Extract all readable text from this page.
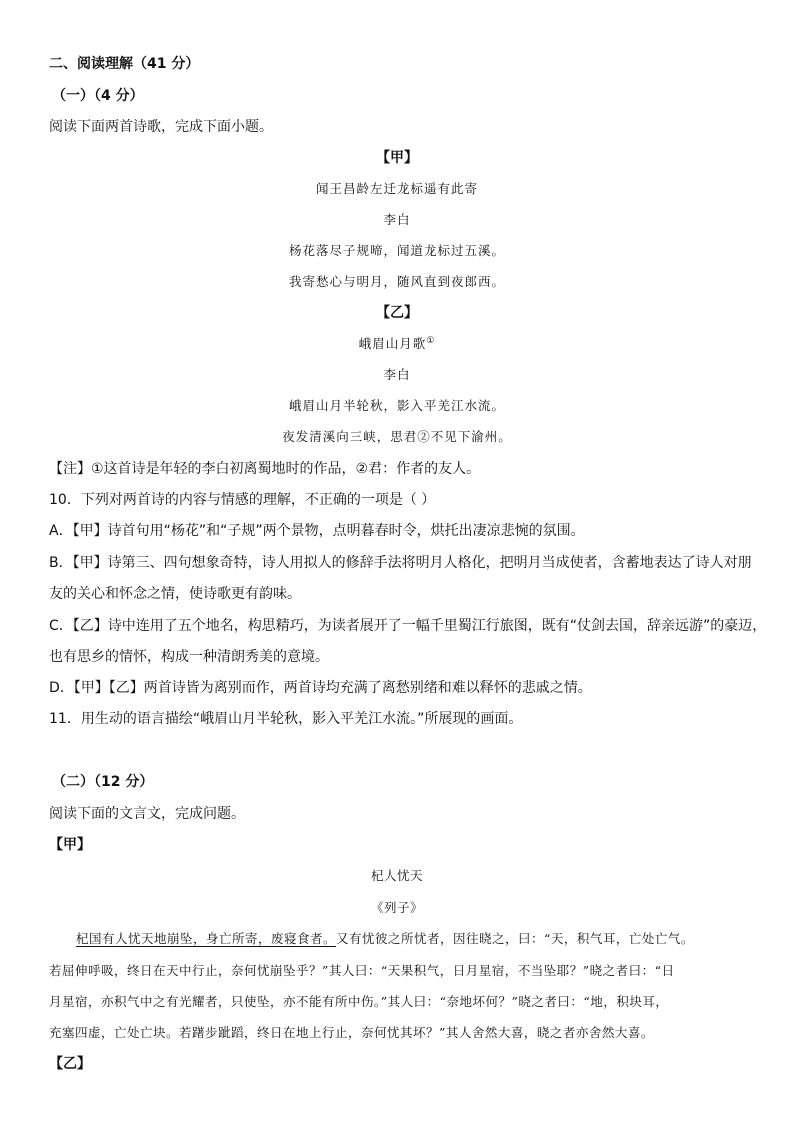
二、阅读理解（41 分）
（一）（4 分）
阅读下面两首诗歌，完成下面小题。
【甲】
闻王昌龄左迁龙标遥有此寄
李白
杨花落尽子规啼，闻道龙标过五溪。
我寄愁心与明月，随风直到夜郎西。
【乙】
峨眉山月歌①
李白
峨眉山月半轮秋，影入平羌江水流。
夜发清溪向三峡，思君②不见下渝州。
【注】①这首诗是年轻的李白初离蜀地时的作品，②君：作者的友人。
10．下列对两首诗的内容与情感的理解，不正确的一项是（ ）
A．【甲】诗首句用“杨花”和“子规”两个景物，点明暮春时令，烘托出凄凉悲惋的氛围。
B．【甲】诗第三、四句想象奇特，诗人用拟人的修辞手法将明月人格化，把明月当成使者，含蓄地表达了诗人对朋
友的关心和怀念之情，使诗歌更有韵味。
C．【乙】诗中连用了五个地名，构思精巧，为读者展开了一幅千里蜀江行旅图，既有“仗剑去国，辞亲远游”的豪迈，
也有思乡的情怀，构成一种清朗秀美的意境。
D．【甲】【乙】两首诗皆为离别而作，两首诗均充满了离愁别绪和难以释怀的悲戚之情。
11．用生动的语言描绘“峨眉山月半轮秋，影入平羌江水流。”所展现的画面。
（二）（12 分）
阅读下面的文言文，完成问题。
【甲】
杞人忧天
《列子》
杞国有人忧天地崩坠，身亡所寄，废寝食者。又有忧彼之所忧者，因往晓之，曰：“天，积气耳，亡处亡气。
若屈伸呼吸，终日在天中行止，奈何忧崩坠乎？”其人曰：“天果积气，日月星宿，不当坠耶？”晓之者曰：“日
月星宿，亦积气中之有光耀者，只使坠，亦不能有所中伤。”其人曰：“奈地坏何？”晓之者曰：“地，积块耳，
充塞四虚，亡处亡块。若躇步跐蹈，终日在地上行止，奈何忧其坏？”其人舍然大喜，晓之者亦舍然大喜。
【乙】
